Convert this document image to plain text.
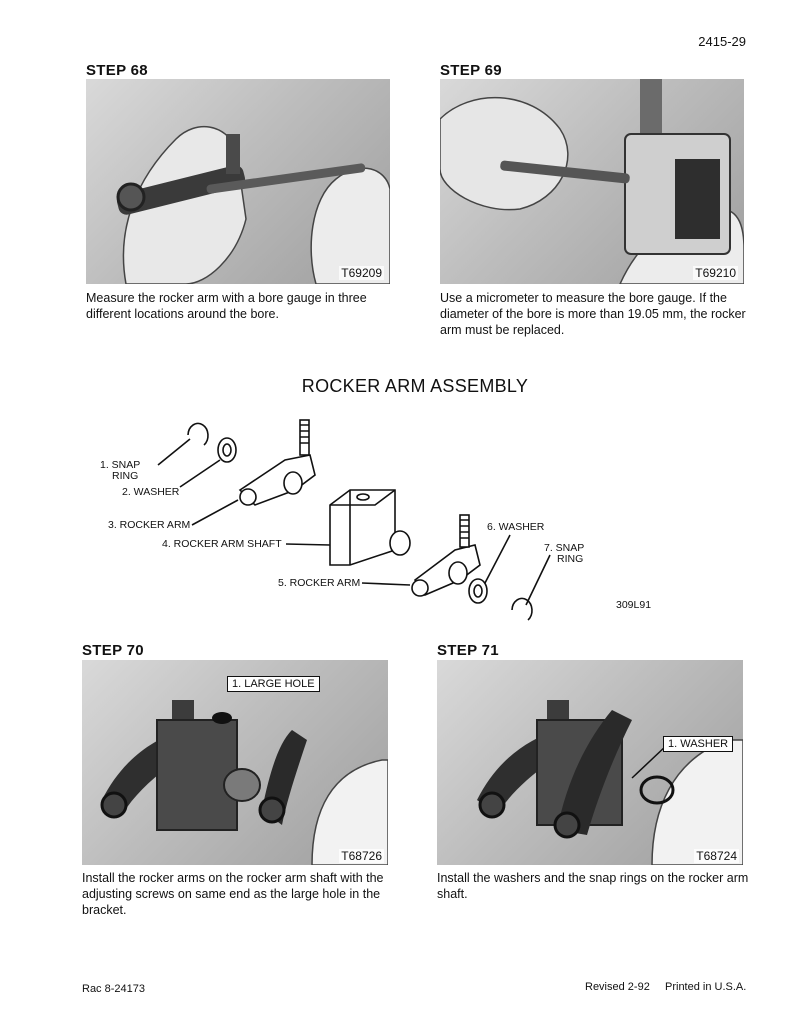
2415-29
STEP 68
T69209
Measure the rocker arm with a bore gauge in three different locations around the bore.
STEP 69
T69210
Use a micrometer to measure the bore gauge. If the diameter of the bore is more than 19.05 mm, the rocker arm must be replaced.
ROCKER ARM ASSEMBLY
1. SNAP
RING
2. WASHER
3. ROCKER ARM
4. ROCKER ARM SHAFT
5. ROCKER ARM
6. WASHER
7. SNAP
RING
309L91
STEP 70
1. LARGE HOLE
T68726
Install the rocker arms on the rocker arm shaft with the adjusting screws on same end as the large hole in the bracket.
STEP 71
1. WASHER
T68724
Install the washers and the snap rings on the rocker arm shaft.
Rac 8-24173	Revised 2-92 Printed in U.S.A.
